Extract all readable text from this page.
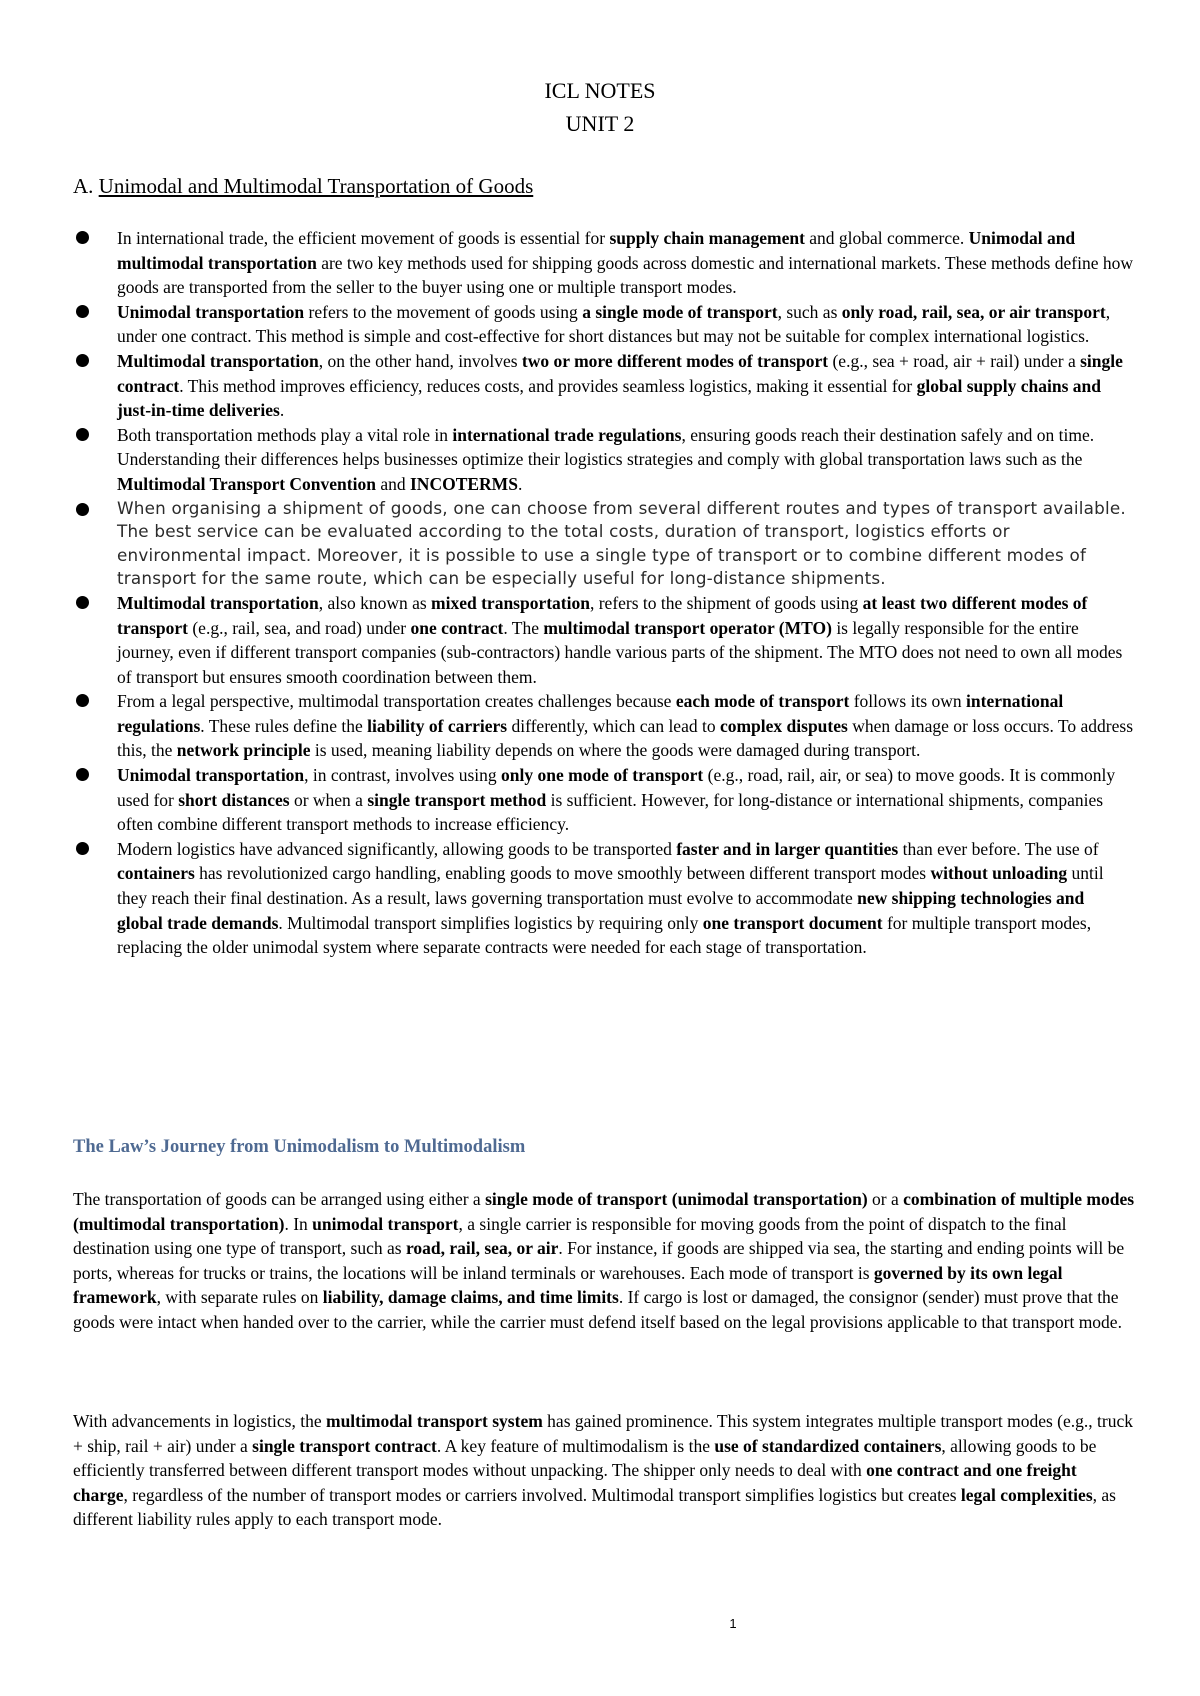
ICL NOTES
UNIT 2
A. Unimodal and Multimodal Transportation of Goods
In international trade, the efficient movement of goods is essential for supply chain management and global commerce. Unimodal and multimodal transportation are two key methods used for shipping goods across domestic and international markets. These methods define how goods are transported from the seller to the buyer using one or multiple transport modes.
Unimodal transportation refers to the movement of goods using a single mode of transport, such as only road, rail, sea, or air transport, under one contract. This method is simple and cost-effective for short distances but may not be suitable for complex international logistics.
Multimodal transportation, on the other hand, involves two or more different modes of transport (e.g., sea + road, air + rail) under a single contract. This method improves efficiency, reduces costs, and provides seamless logistics, making it essential for global supply chains and just-in-time deliveries.
Both transportation methods play a vital role in international trade regulations, ensuring goods reach their destination safely and on time. Understanding their differences helps businesses optimize their logistics strategies and comply with global transportation laws such as the Multimodal Transport Convention and INCOTERMS.
When organising a shipment of goods, one can choose from several different routes and types of transport available. The best service can be evaluated according to the total costs, duration of transport, logistics efforts or environmental impact. Moreover, it is possible to use a single type of transport or to combine different modes of transport for the same route, which can be especially useful for long-distance shipments.
Multimodal transportation, also known as mixed transportation, refers to the shipment of goods using at least two different modes of transport (e.g., rail, sea, and road) under one contract. The multimodal transport operator (MTO) is legally responsible for the entire journey, even if different transport companies (sub-contractors) handle various parts of the shipment. The MTO does not need to own all modes of transport but ensures smooth coordination between them.
From a legal perspective, multimodal transportation creates challenges because each mode of transport follows its own international regulations. These rules define the liability of carriers differently, which can lead to complex disputes when damage or loss occurs. To address this, the network principle is used, meaning liability depends on where the goods were damaged during transport.
Unimodal transportation, in contrast, involves using only one mode of transport (e.g., road, rail, air, or sea) to move goods. It is commonly used for short distances or when a single transport method is sufficient. However, for long-distance or international shipments, companies often combine different transport methods to increase efficiency.
Modern logistics have advanced significantly, allowing goods to be transported faster and in larger quantities than ever before. The use of containers has revolutionized cargo handling, enabling goods to move smoothly between different transport modes without unloading until they reach their final destination. As a result, laws governing transportation must evolve to accommodate new shipping technologies and global trade demands. Multimodal transport simplifies logistics by requiring only one transport document for multiple transport modes, replacing the older unimodal system where separate contracts were needed for each stage of transportation.
The Law’s Journey from Unimodalism to Multimodalism

The transportation of goods can be arranged using either a single mode of transport (unimodal transportation) or a combination of multiple modes (multimodal transportation). In unimodal transport, a single carrier is responsible for moving goods from the point of dispatch to the final destination using one type of transport, such as road, rail, sea, or air. For instance, if goods are shipped via sea, the starting and ending points will be ports, whereas for trucks or trains, the locations will be inland terminals or warehouses. Each mode of transport is governed by its own legal framework, with separate rules on liability, damage claims, and time limits. If cargo is lost or damaged, the consignor (sender) must prove that the goods were intact when handed over to the carrier, while the carrier must defend itself based on the legal provisions applicable to that transport mode.

With advancements in logistics, the multimodal transport system has gained prominence. This system integrates multiple transport modes (e.g., truck + ship, rail + air) under a single transport contract. A key feature of multimodalism is the use of standardized containers, allowing goods to be efficiently transferred between different transport modes without unpacking. The shipper only needs to deal with one contract and one freight charge, regardless of the number of transport modes or carriers involved. Multimodal transport simplifies logistics but creates legal complexities, as different liability rules apply to each transport mode.

1
